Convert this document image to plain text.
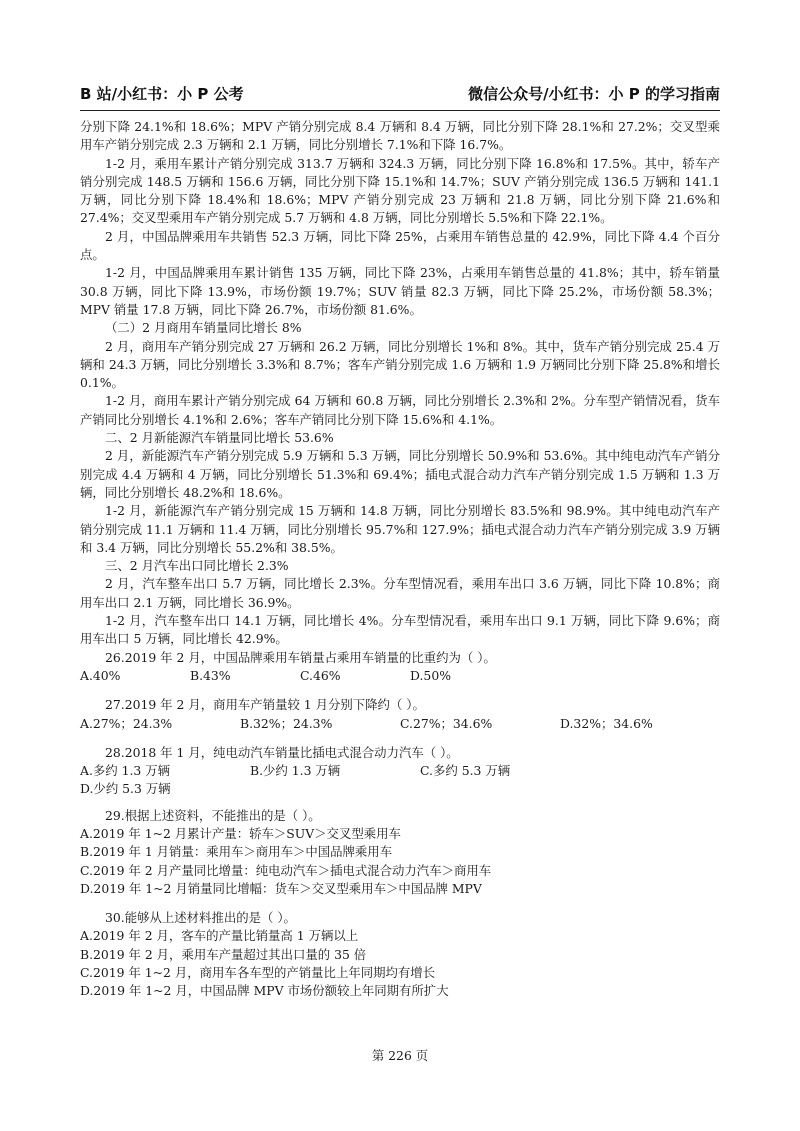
B 站/小红书：小 P 公考	微信公众号/小红书：小 P 的学习指南

分别下降 24.1%和 18.6%；MPV 产销分别完成 8.4 万辆和 8.4 万辆，同比分别下降 28.1%和 27.2%；交叉型乘用车产销分别完成 2.3 万辆和 2.1 万辆，同比分别增长 7.1%和下降 16.7%。

1-2 月，乘用车累计产销分别完成 313.7 万辆和 324.3 万辆，同比分别下降 16.8%和 17.5%。其中，轿车产销分别完成 148.5 万辆和 156.6 万辆，同比分别下降 15.1%和 14.7%；SUV 产销分别完成 136.5 万辆和 141.1 万辆，同比分别下降 18.4%和 18.6%；MPV 产销分别完成 23 万辆和 21.8 万辆，同比分别下降 21.6%和 27.4%；交叉型乘用车产销分别完成 5.7 万辆和 4.8 万辆，同比分别增长 5.5%和下降 22.1%。

2 月，中国品牌乘用车共销售 52.3 万辆，同比下降 25%，占乘用车销售总量的 42.9%，同比下降 4.4 个百分点。

1-2 月，中国品牌乘用车累计销售 135 万辆，同比下降 23%，占乘用车销售总量的 41.8%；其中，轿车销量 30.8 万辆，同比下降 13.9%，市场份额 19.7%；SUV 销量 82.3 万辆，同比下降 25.2%，市场份额 58.3%；MPV 销量 17.8 万辆，同比下降 26.7%，市场份额 81.6%。

（二）2 月商用车销量同比增长 8%

2 月，商用车产销分别完成 27 万辆和 26.2 万辆，同比分别增长 1%和 8%。其中，货车产销分别完成 25.4 万辆和 24.3 万辆，同比分别增长 3.3%和 8.7%；客车产销分别完成 1.6 万辆和 1.9 万辆同比分别下降 25.8%和增长 0.1%。

1-2 月，商用车累计产销分别完成 64 万辆和 60.8 万辆，同比分别增长 2.3%和 2%。分车型产销情况看，货车产销同比分别增长 4.1%和 2.6%；客车产销同比分别下降 15.6%和 4.1%。

二、2 月新能源汽车销量同比增长 53.6%

2 月，新能源汽车产销分别完成 5.9 万辆和 5.3 万辆，同比分别增长 50.9%和 53.6%。其中纯电动汽车产销分别完成 4.4 万辆和 4 万辆，同比分别增长 51.3%和 69.4%；插电式混合动力汽车产销分别完成 1.5 万辆和 1.3 万辆，同比分别增长 48.2%和 18.6%。

1-2 月，新能源汽车产销分别完成 15 万辆和 14.8 万辆，同比分别增长 83.5%和 98.9%。其中纯电动汽车产销分别完成 11.1 万辆和 11.4 万辆，同比分别增长 95.7%和 127.9%；插电式混合动力汽车产销分别完成 3.9 万辆和 3.4 万辆，同比分别增长 55.2%和 38.5%。

三、2 月汽车出口同比增长 2.3%

2 月，汽车整车出口 5.7 万辆，同比增长 2.3%。分车型情况看，乘用车出口 3.6 万辆，同比下降 10.8%；商用车出口 2.1 万辆，同比增长 36.9%。

1-2 月，汽车整车出口 14.1 万辆，同比增长 4%。分车型情况看，乘用车出口 9.1 万辆，同比下降 9.6%；商用车出口 5 万辆，同比增长 42.9%。

26.2019 年 2 月，中国品牌乘用车销量占乘用车销量的比重约为（ ）。

A.40%	B.43%	C.46%	D.50%

27.2019 年 2 月，商用车产销量较 1 月分别下降约（ ）。

A.27%；24.3%	B.32%；24.3%	C.27%；34.6%	D.32%；34.6%

28.2018 年 1 月，纯电动汽车销量比插电式混合动力汽车（ ）。

A.多约 1.3 万辆	B.少约 1.3 万辆	C.多约 5.3 万辆
D.少约 5.3 万辆

29.根据上述资料，不能推出的是（ ）。

A.2019 年 1~2 月累计产量：轿车＞SUV＞交叉型乘用车
B.2019 年 1 月销量：乘用车＞商用车＞中国品牌乘用车
C.2019 年 2 月产量同比增量：纯电动汽车＞插电式混合动力汽车＞商用车
D.2019 年 1~2 月销量同比增幅：货车＞交叉型乘用车＞中国品牌 MPV

30.能够从上述材料推出的是（ ）。

A.2019 年 2 月，客车的产量比销量高 1 万辆以上
B.2019 年 2 月，乘用车产量超过其出口量的 35 倍
C.2019 年 1~2 月，商用车各车型的产销量比上年同期均有增长
D.2019 年 1~2 月，中国品牌 MPV 市场份额较上年同期有所扩大
第 226 页
